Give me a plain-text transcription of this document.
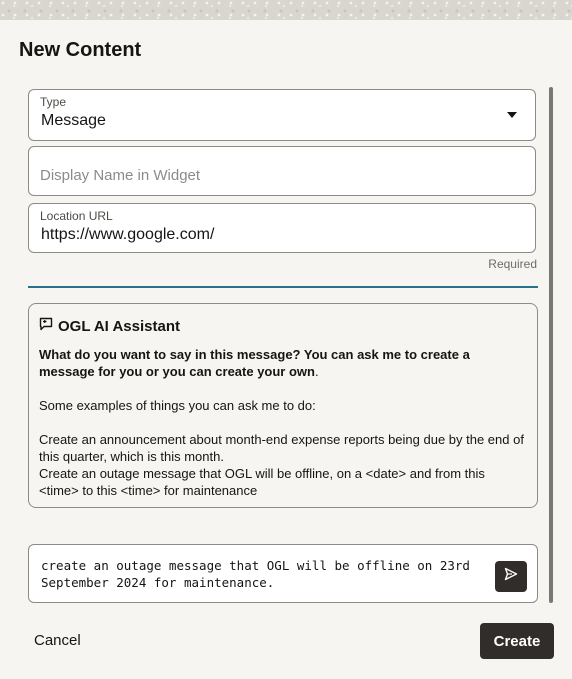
New Content
Type
Message
Display Name in Widget
Location URL
https://www.google.com/
Required
OGL AI Assistant

What do you want to say in this message? You can ask me to create a message for you or you can create your own.

Some examples of things you can ask me to do:

Create an announcement about month-end expense reports being due by the end of this quarter, which is this month.

Create an outage message that OGL will be offline, on a <date> and from this <time> to this <time> for maintenance

create an outage message that OGL will be offline on 23rd September 2024 for maintenance.
Cancel	Create
